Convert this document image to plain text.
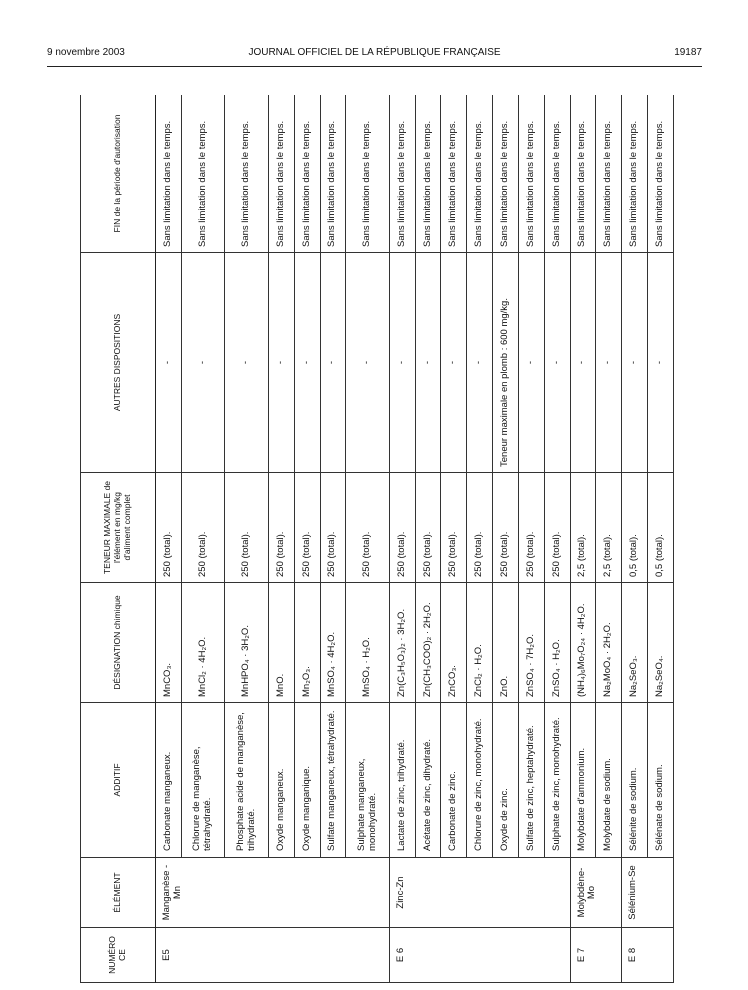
9 novembre 2003	JOURNAL OFFICIEL DE LA RÉPUBLIQUE FRANÇAISE	19187
NUMÉRO CE	ÉLÉMENT	ADDITIF	DÉSIGNATION chimique	TENEUR MAXIMALE de l'élément en mg/kg d'aliment complet	AUTRES DISPOSITIONS	FIN de la période d'autorisation
E5	Manganèse - Mn	Carbonate manganeux.	MnCO₃.	250 (total).	-	Sans limitation dans le temps.
		Chlorure de manganèse, tétrahydraté.	MnCl₂ · 4H₂O.	250 (total).	-	Sans limitation dans le temps.
		Phosphate acide de manganèse, trihydraté.	MnHPO₄ · 3H₂O.	250 (total).	-	Sans limitation dans le temps.
		Oxyde manganeux.	MnO.	250 (total).	-	Sans limitation dans le temps.
		Oxyde manganique.	Mn₂O₃.	250 (total).	-	Sans limitation dans le temps.
		Sulfate manganeux, tétrahydraté.	MnSO₄ · 4H₂O.	250 (total).	-	Sans limitation dans le temps.
		Sulphate manganeux, monohydraté.	MnSO₄ · H₂O.	250 (total).	-	Sans limitation dans le temps.
E 6	Zinc-Zn	Lactate de zinc, trihydraté.	Zn(C₃H₅O₃)₂ · 3H₂O.	250 (total).	-	Sans limitation dans le temps.
		Acétate de zinc, dihydraté.	Zn(CH₃COO)₂ · 2H₂O.	250 (total).	-	Sans limitation dans le temps.
		Carbonate de zinc.	ZnCO₃.	250 (total).	-	Sans limitation dans le temps.
		Chlorure de zinc, monohydraté.	ZnCl₂ · H₂O.	250 (total).	-	Sans limitation dans le temps.
		Oxyde de zinc.	ZnO.	250 (total).	Teneur maximale en plomb : 600 mg/kg.	Sans limitation dans le temps.
		Sulfate de zinc, heptahydraté.	ZnSO₄ · 7H₂O.	250 (total).	-	Sans limitation dans le temps.
		Sulphate de zinc, monohydraté.	ZnSO₄ · H₂O.	250 (total).	-	Sans limitation dans le temps.
E 7	Molybdène-Mo	Molybdate d'ammonium.	(NH₄)₆Mo₇O₂₄ · 4H₂O.	2,5 (total).	-	Sans limitation dans le temps.
		Molybdate de sodium.	Na₂MoO₄ · 2H₂O.	2,5 (total).	-	Sans limitation dans le temps.
E 8	Sélénium-Se	Sélénite de sodium.	Na₂SeO₃.	0,5 (total).	-	Sans limitation dans le temps.
		Sélénate de sodium.	Na₂SeO₄.	0,5 (total).	-	Sans limitation dans le temps.
